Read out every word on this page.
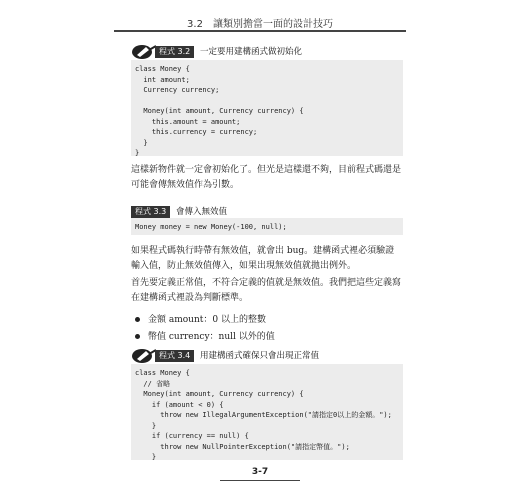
3.2　讓類別擔當一面的設計技巧
程式 3.2	一定要用建構函式做初始化
class Money {
int amount;
Currency currency;

Money(int amount, Currency currency) {
this.amount = amount;
this.currency = currency;
}
}

這樣新物件就一定會初始化了。但光是這樣還不夠，目前程式碼還是可能會傳無效值作為引數。

程式 3.3	會傳入無效值
Money money = new Money(-100, null);

如果程式碼執行時帶有無效值，就會出 bug。建構函式裡必須驗證輸入值，防止無效值傳入，如果出現無效值就拋出例外。

首先要定義正常值，不符合定義的值就是無效值。我們把這些定義寫在建構函式裡設為判斷標準。

金額 amount：0 以上的整數
幣值 currency：null 以外的值
程式 3.4	用建構函式確保只會出現正常值
class Money {
// 省略
Money(int amount, Currency currency) {
if (amount < 0) {
throw new IllegalArgumentException("請指定0以上的金額。");
}
if (currency == null) {
throw new NullPointerException("請指定幣值。");
}
3-7
